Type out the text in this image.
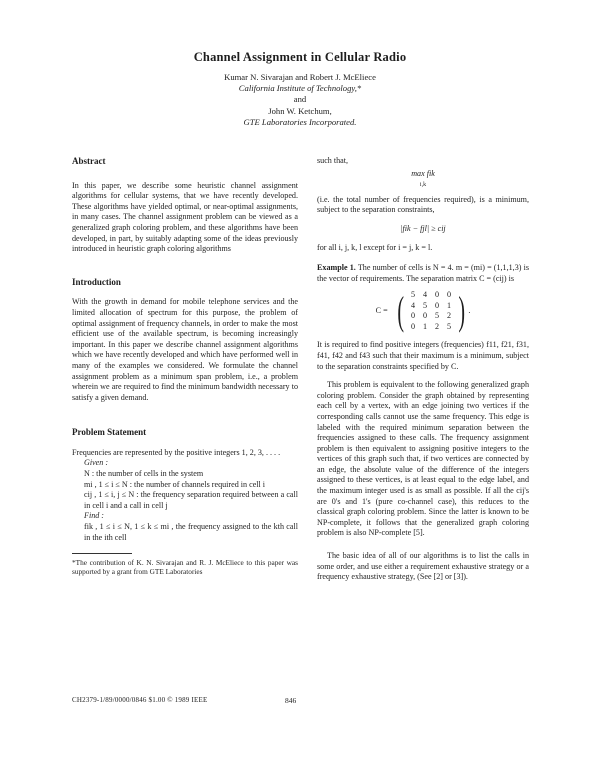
Channel Assignment in Cellular Radio
Kumar N. Sivarajan and Robert J. McEliece
California Institute of Technology,*
and
John W. Ketchum,
GTE Laboratories Incorporated.
Abstract

In this paper, we describe some heuristic channel assignment algorithms for cellular systems, that we have recently developed. These algorithms have yielded optimal, or near-optimal assignments, in many cases. The channel assignment problem can be viewed as a generalized graph coloring problem, and these algorithms have been developed, in part, by suitably adapting some of the ideas previously introduced in heuristic graph coloring algorithms

Introduction

With the growth in demand for mobile telephone services and the limited allocation of spectrum for this purpose, the problem of optimal assignment of frequency channels, in order to make the most efficient use of the available spectrum, is becoming increasingly important. In this paper we describe channel assignment algorithms which we have recently developed and which have performed well in many of the examples we considered. We formulate the channel assignment problem as a minimum span problem, i.e., a problem wherein we are required to find the minimum bandwidth necessary to satisfy a given demand.

Problem Statement

Frequencies are represented by the positive integers 1, 2, 3, . . . .

Given :

N : the number of cells in the system

mi , 1 ≤ i ≤ N : the number of channels required in cell i

cij , 1 ≤ i, j ≤ N : the frequency separation required between a call in cell i and a call in cell j

Find :

fik , 1 ≤ i ≤ N, 1 ≤ k ≤ mi , the frequency assigned to the kth call in the ith cell

*The contribution of K. N. Sivarajan and R. J. McEliece to this paper was supported by a grant from GTE Laboratories

such that,

max fik
i,k

(i.e. the total number of frequencies required), is a minimum, subject to the separation constraints,

|fik − fjl| ≥ cij

for all i, j, k, l except for i = j, k = l.

Example 1. The number of cells is N = 4. m = (mi) = (1,1,1,3) is the vector of requirements. The separation matrix C = (cij) is

C = ( 5 4 0 0
4 5 0 1
0 0 5 2
0 1 2 5 ) .

It is required to find positive integers (frequencies) f11, f21, f31, f41, f42 and f43 such that their maximum is a minimum, subject to the separation constraints specified by C.

This problem is equivalent to the following generalized graph coloring problem. Consider the graph obtained by representing each cell by a vertex, with an edge joining two vertices if the corresponding calls cannot use the same frequency. This edge is labeled with the required minimum separation between the frequencies assigned to these calls. The frequency assignment problem is then equivalent to assigning positive integers to the vertices of this graph such that, if two vertices are connected by an edge, the absolute value of the difference of the integers assigned to these vertices, is at least equal to the edge label, and the maximum integer used is as small as possible. If all the cij's are 0's and 1's (pure co-channel case), this reduces to the classical graph coloring problem. Since the latter is known to be NP-complete, it follows that the generalized graph coloring problem is also NP-complete [5].

The basic idea of all of our algorithms is to list the calls in some order, and use either a requirement exhaustive strategy or a frequency exhaustive strategy, (See [2] or [3]).

CH2379-1/89/0000/0846 $1.00 © 1989 IEEE	846
